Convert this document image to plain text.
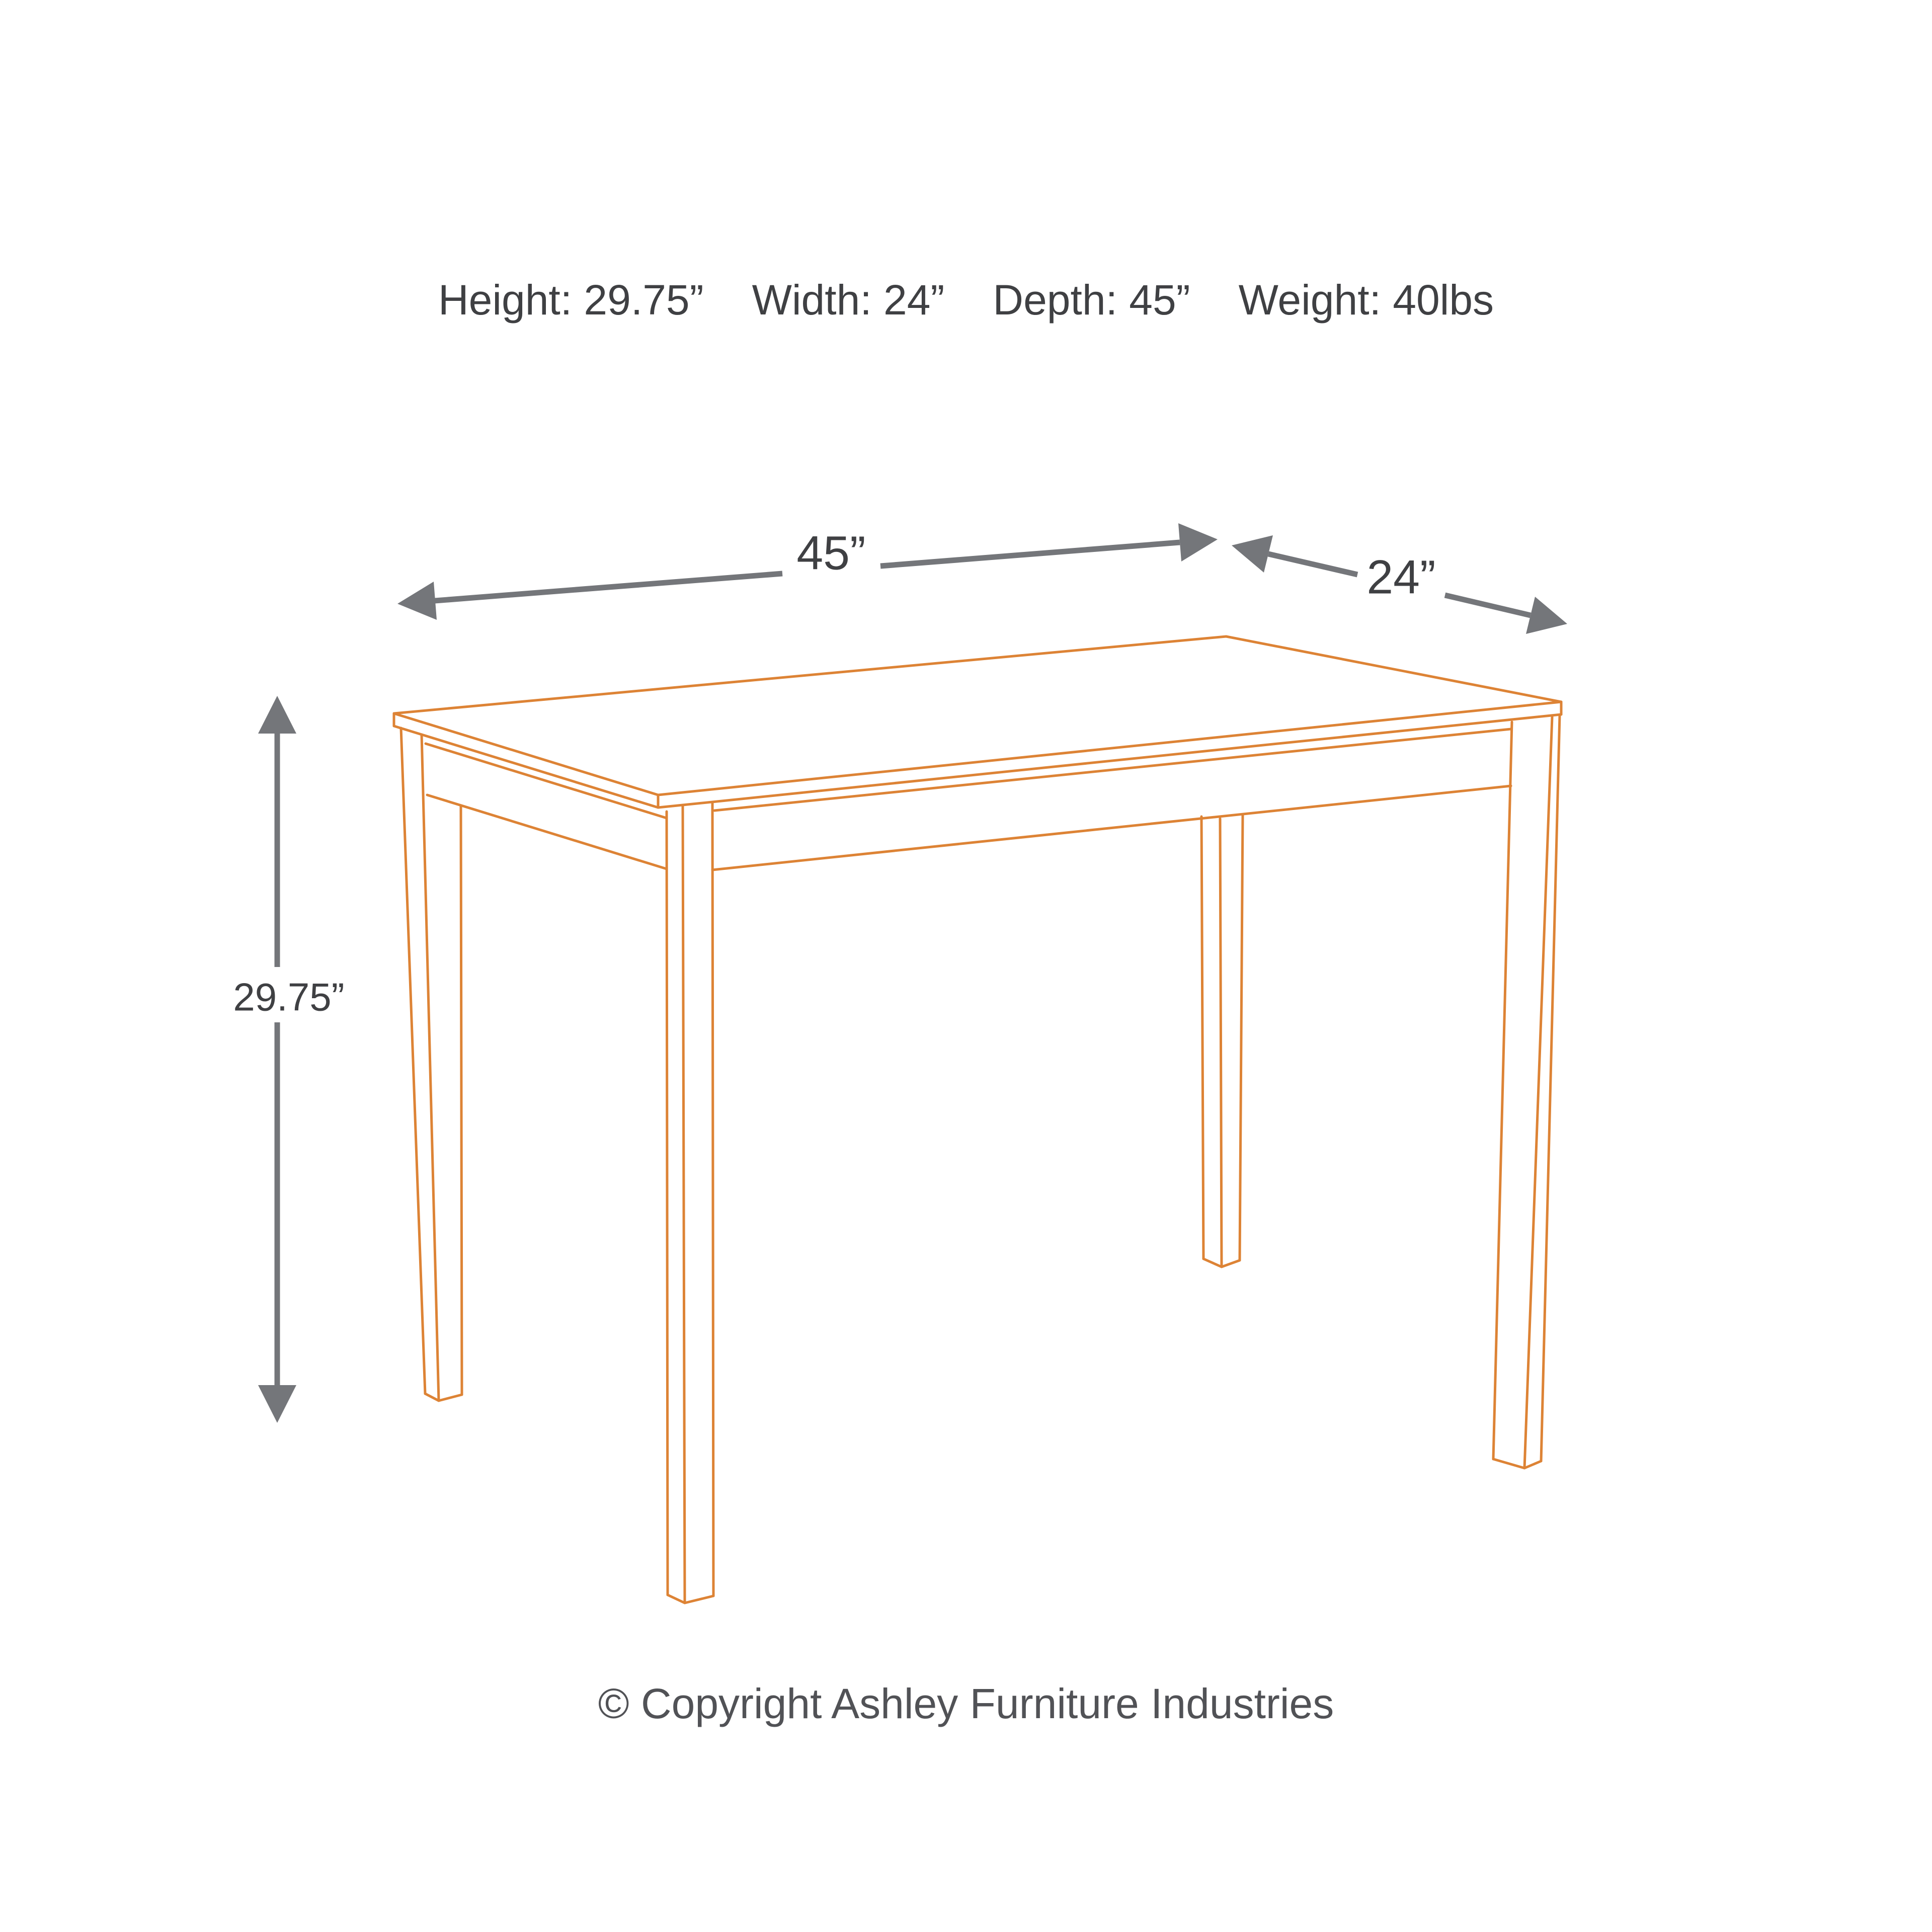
Height: 29.75” Width: 24” Depth: 45” Weight: 40lbs
45”	24”
29.75”
© Copyright Ashley Furniture Industries
